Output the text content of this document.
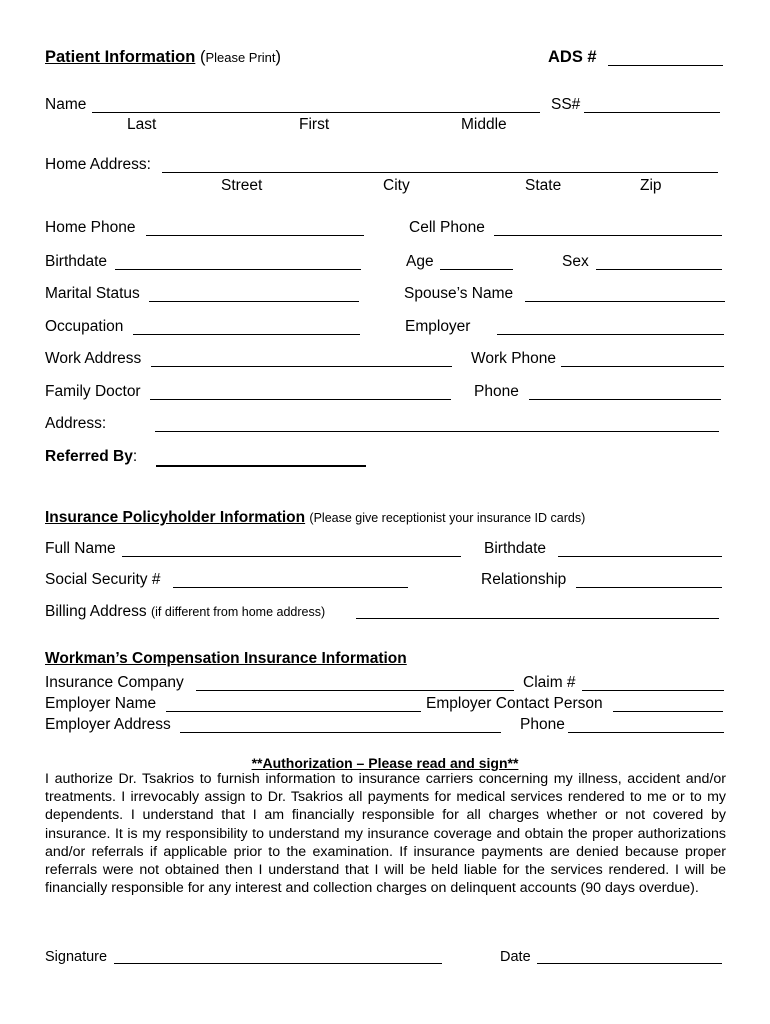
Patient Information (Please Print)	ADS #
Name	SS#
Last	First	Middle
Home Address:
Street	City	State	Zip
Home Phone	Cell Phone
Birthdate	Age	Sex
Marital Status	Spouse’s Name
Occupation	Employer
Work Address	Work Phone
Family Doctor	Phone
Address:
Referred By:
Insurance Policyholder Information (Please give receptionist your insurance ID cards)
Full Name	Birthdate
Social Security #	Relationship
Billing Address (if different from home address)
Workman’s Compensation Insurance Information
Insurance Company	Claim #
Employer Name	Employer Contact Person
Employer Address	Phone
**Authorization – Please read and sign**
I authorize Dr. Tsakrios to furnish information to insurance carriers concerning my illness, accident and/or treatments. I irrevocably assign to Dr. Tsakrios all payments for medical services rendered to me or to my dependents. I understand that I am financially responsible for all charges whether or not covered by insurance. It is my responsibility to understand my insurance coverage and obtain the proper authorizations and/or referrals if applicable prior to the examination. If insurance payments are denied because proper referrals were not obtained then I understand that I will be held liable for the services rendered. I will be financially responsible for any interest and collection charges on delinquent accounts (90 days overdue).
Signature	Date
